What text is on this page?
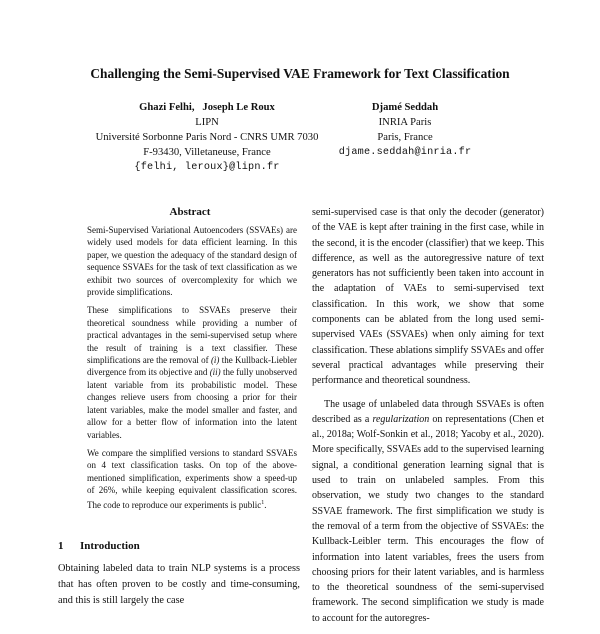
Challenging the Semi-Supervised VAE Framework for Text Classification
Ghazi Felhi,   Joseph Le Roux
LIPN
Université Sorbonne Paris Nord - CNRS UMR 7030
F-93430, Villetaneuse, France
{felhi, leroux}@lipn.fr
Djamé Seddah
INRIA Paris
Paris, France
djame.seddah@inria.fr
Abstract

Semi-Supervised Variational Autoencoders (SSVAEs) are widely used models for data efficient learning. In this paper, we question the adequacy of the standard design of sequence SSVAEs for the task of text classification as we exhibit two sources of overcomplexity for which we provide simplifications.

These simplifications to SSVAEs preserve their theoretical soundness while providing a number of practical advantages in the semi-supervised setup where the result of training is a text classifier. These simplifications are the removal of (i) the Kullback-Liebler divergence from its objective and (ii) the fully unobserved latent variable from its probabilistic model. These changes relieve users from choosing a prior for their latent variables, make the model smaller and faster, and allow for a better flow of information into the latent variables.

We compare the simplified versions to standard SSVAEs on 4 text classification tasks. On top of the above-mentioned simplification, experiments show a speed-up of 26%, while keeping equivalent classification scores. The code to reproduce our experiments is public$^1$.

1 Introduction

Obtaining labeled data to train NLP systems is a process that has often proven to be costly and time-consuming, and this is still largely the case

semi-supervised case is that only the decoder (generator) of the VAE is kept after training in the first case, while in the second, it is the encoder (classifier) that we keep. This difference, as well as the autoregressive nature of text generators has not sufficiently been taken into account in the adaptation of VAEs to semi-supervised text classification. In this work, we show that some components can be ablated from the long used semi-supervised VAEs (SSVAEs) when only aiming for text classification. These ablations simplify SSVAEs and offer several practical advantages while preserving their performance and theoretical soundness.

The usage of unlabeled data through SSVAEs is often described as a regularization on representations (Chen et al., 2018a; Wolf-Sonkin et al., 2018; Yacoby et al., 2020). More specifically, SSVAEs add to the supervised learning signal, a conditional generation learning signal that is used to train on unlabeled samples. From this observation, we study two changes to the standard SSVAE framework. The first simplification we study is the removal of a term from the objective of SSVAEs: the Kullback-Leibler term. This encourages the flow of information into latent variables, frees the users from choosing priors for their latent variables, and is harmless to the theoretical soundness of the semi-supervised framework. The second simplification we study is made to account for the autoregres-
